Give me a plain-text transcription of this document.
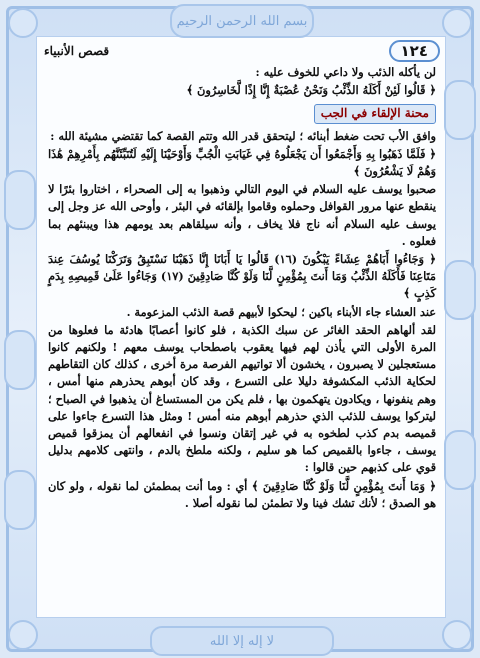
بسم الله الرحمن الرحيم
لا إله إلا الله
١٢٤
قصص الأنبياء

لن يأكله الذئب ولا داعي للخوف عليه :

﴿ قَالُوا لَئِنْ أَكَلَهُ الذِّئْبُ وَنَحْنُ عُصْبَةٌ إِنَّا إِذًا لَّخَاسِرُونَ ﴾

محنة الإلقاء في الجب

وافق الأب تحت ضغط أبنائه ؛ ليتحقق قدر الله وتتم القصة كما تقتضي مشيئة الله :

﴿ فَلَمَّا ذَهَبُوا بِهِ وَأَجْمَعُوا أَن يَجْعَلُوهُ فِي غَيَابَتِ الْجُبِّ وَأَوْحَيْنَا إِلَيْهِ لَتُنَبِّئَنَّهُم بِأَمْرِهِمْ هَٰذَا وَهُمْ لَا يَشْعُرُونَ ﴾

صحبوا يوسف عليه السلام في اليوم التالي وذهبوا به إلى الصحراء ، اختاروا بئرًا لا ينقطع عنها مرور القوافل وحملوه وقاموا بإلقائه في البئر ، وأوحى الله عز وجل إلى يوسف عليه السلام أنه ناج فلا يخاف ، وأنه سيلقاهم بعد يومهم هذا ويبنئهم بما فعلوه .

﴿ وَجَاءُوا أَبَاهُمْ عِشَاءً يَبْكُونَ (١٦) قَالُوا يَا أَبَانَا إِنَّا ذَهَبْنَا نَسْتَبِقُ وَتَرَكْنَا يُوسُفَ عِندَ مَتَاعِنَا فَأَكَلَهُ الذِّئْبُ وَمَا أَنتَ بِمُؤْمِنٍ لَّنَا وَلَوْ كُنَّا صَادِقِينَ (١٧) وَجَاءُوا عَلَىٰ قَمِيصِهِ بِدَمٍ كَذِبٍ ﴾

عند العشاء جاء الأبناء باكين ؛ ليحكوا لأبيهم قصة الذئب المزعومة .

لقد ألهاهم الحقد الغائر عن سبك الكذبة ، فلو كانوا أعصابًا هادئة ما فعلوها من المرة الأولى التي يأذن لهم فيها يعقوب باصطحاب يوسف معهم ! ولكنهم كانوا مستعجلين لا يصبرون ، يخشون ألا تواتيهم الفرصة مرة أخرى ، كذلك كان التقاطهم لحكاية الذئب المكشوفة دليلا على التسرع ، وقد كان أبوهم يحذرهم منها أمس ، وهم ينفونها ، ويكادون يتهكمون بها ، فلم يكن من المستساغ أن يذهبوا في الصباح ؛ ليتركوا يوسف للذئب الذي حذرهم أبوهم منه أمس ! ومثل هذا التسرع جاءوا على قميصه بدم كذب لطخوه به في غير إتقان ونسوا في انفعالهم أن يمزقوا قميص يوسف ، جاءوا بالقميص كما هو سليم ، ولكنه ملطخ بالدم ، وانتهى كلامهم بدليل قوي على كذبهم حين قالوا :

﴿ وَمَا أَنتَ بِمُؤْمِنٍ لَّنَا وَلَوْ كُنَّا صَادِقِينَ ﴾ أي : وما أنت بمطمئن لما نقوله ، ولو كان هو الصدق ؛ لأنك تشك فينا ولا تطمئن لما نقوله أصلا .
